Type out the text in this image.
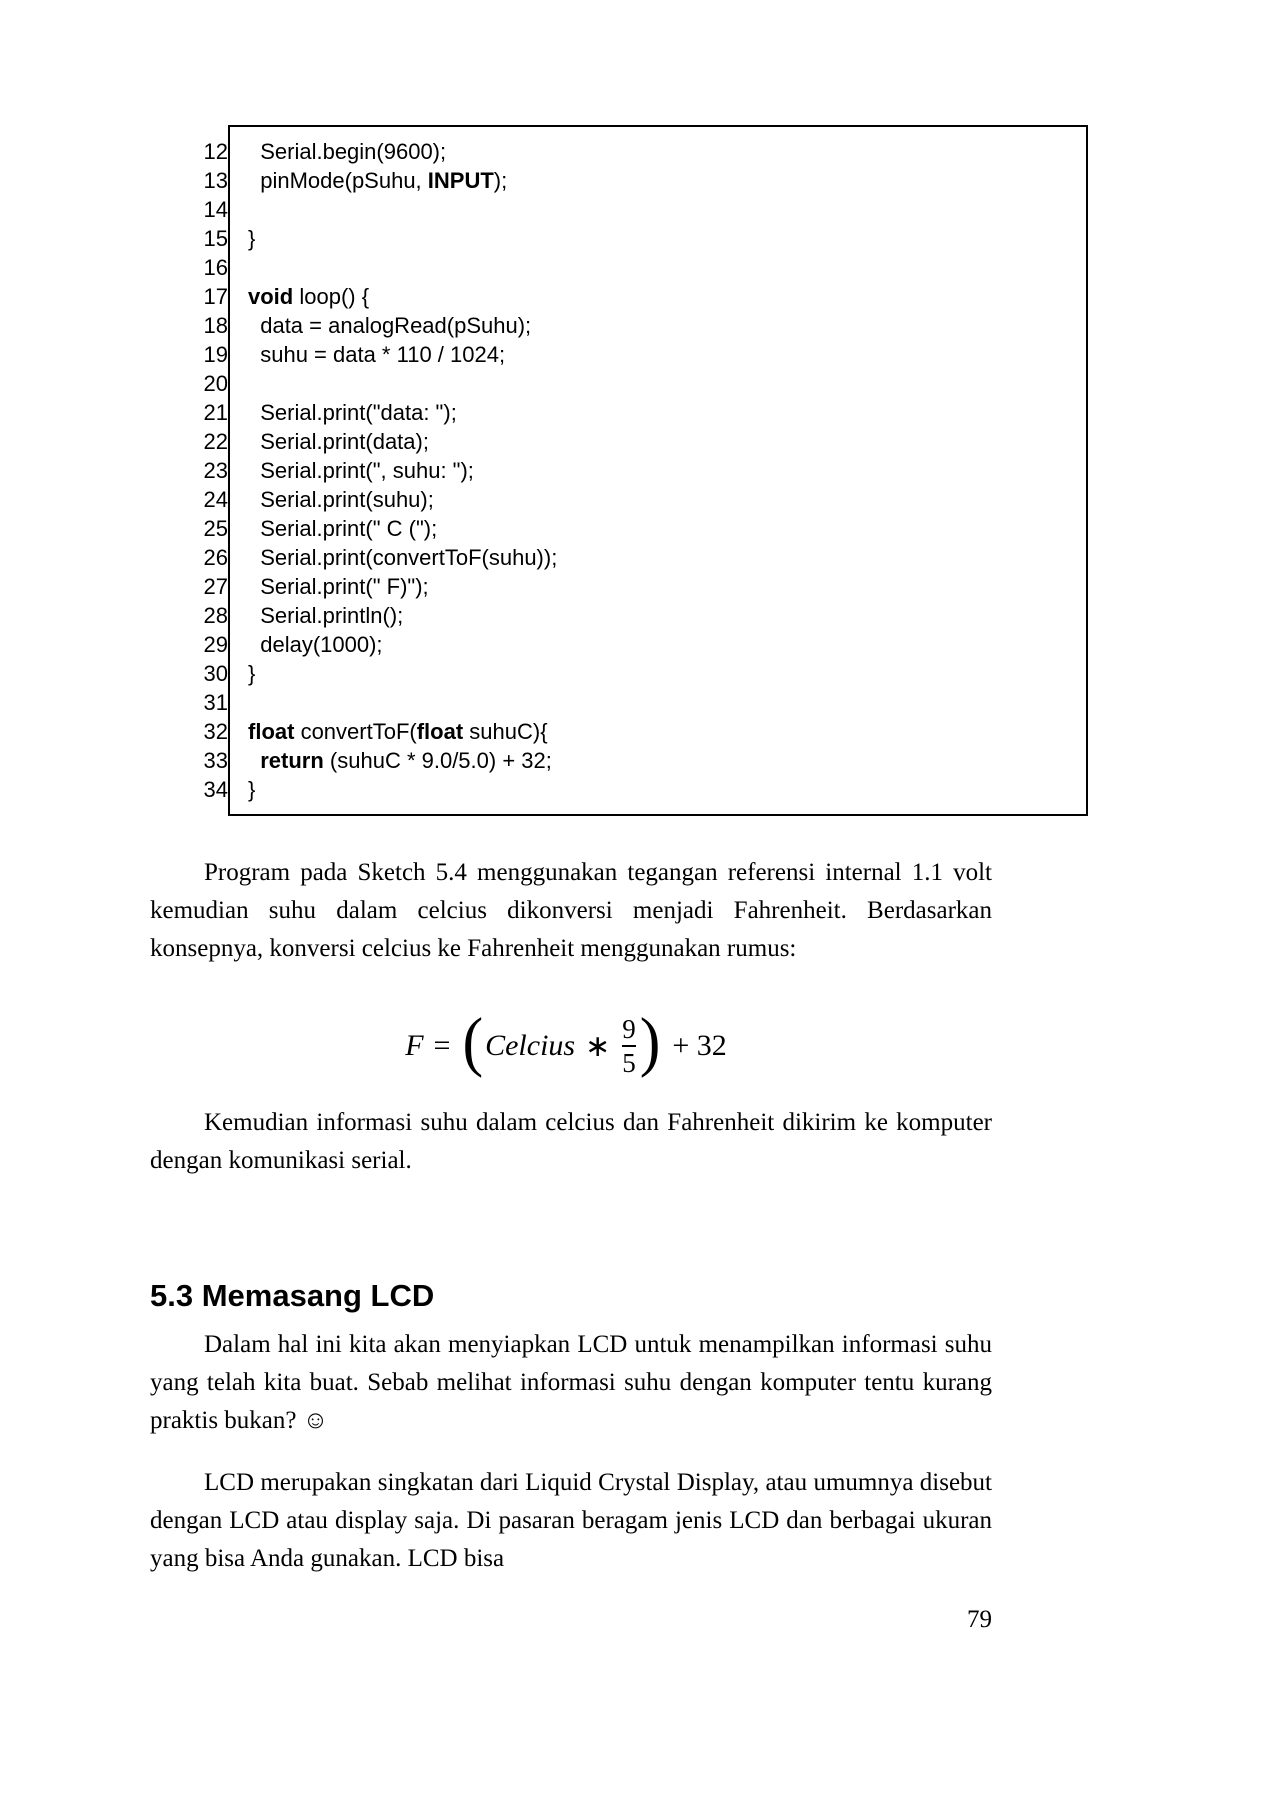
12
13
14
15
16
17
18
19
20
21
22
23
24
25
26
27
28
29
30
31
32
33
34
Serial.begin(9600);
pinMode(pSuhu, INPUT);

}

void loop() {
data = analogRead(pSuhu);
suhu = data * 110 / 1024;

Serial.print("data: ");
Serial.print(data);
Serial.print(", suhu: ");
Serial.print(suhu);
Serial.print(" C (");
Serial.print(convertToF(suhu));
Serial.print(" F)");
Serial.println();
delay(1000);
}

float convertToF(float suhuC){
return (suhuC * 9.0/5.0) + 32;
}

Program pada Sketch 5.4 menggunakan tegangan referensi internal 1.1 volt kemudian suhu dalam celcius dikonversi menjadi Fahrenheit. Berdasarkan konsepnya, konversi celcius ke Fahrenheit menggunakan rumus:

F = ( Celcius ∗ $\frac{9}{5}$ ) + 32

Kemudian informasi suhu dalam celcius dan Fahrenheit dikirim ke komputer dengan komunikasi serial.

5.3 Memasang LCD

Dalam hal ini kita akan menyiapkan LCD untuk menampilkan informasi suhu yang telah kita buat. Sebab melihat informasi suhu dengan komputer tentu kurang praktis bukan? ☺

LCD merupakan singkatan dari Liquid Crystal Display, atau umumnya disebut dengan LCD atau display saja. Di pasaran beragam jenis LCD dan berbagai ukuran yang bisa Anda gunakan. LCD bisa

79
